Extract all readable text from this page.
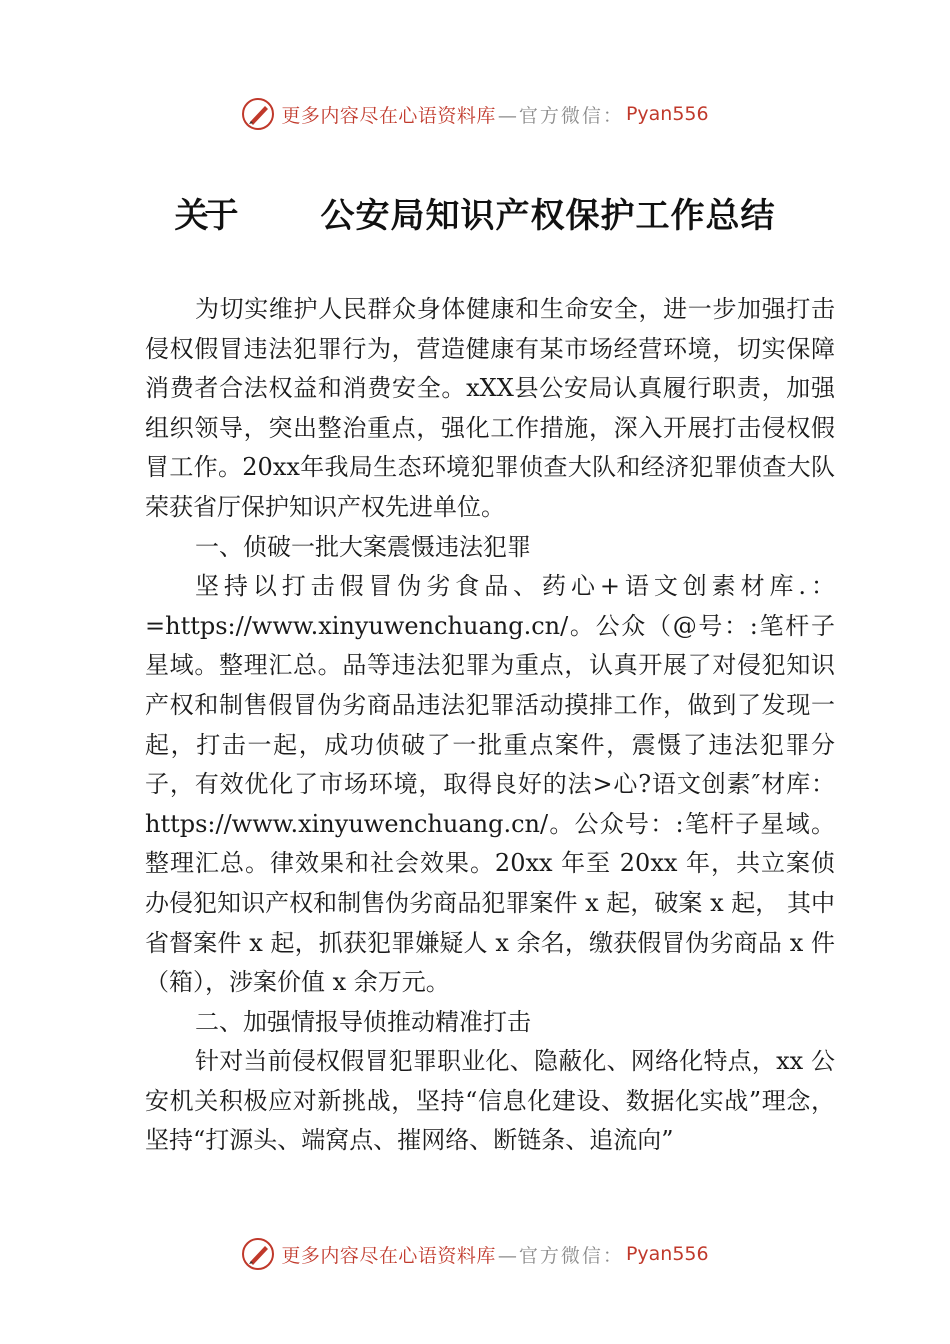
更多内容尽在心语资料库 —官方微信： Pyan556
关于	公安局知识产权保护工作总结

为切实维护人民群众身体健康和生命安全，进一步加强打击侵权假冒违法犯罪行为，营造健康有某市场经营环境，切实保障消费者合法权益和消费安全。xXX县公安局认真履行职责，加强组织领导，突出整治重点，强化工作措施，深入开展打击侵权假冒工作。20xx年我局生态环境犯罪侦查大队和经济犯罪侦查大队荣获省厅保护知识产权先进单位。

一、侦破一批大案震慑违法犯罪

坚持以打击假冒伪劣食品、药心+语文创素材库.：=https://www.xinyuwenchuang.cn/。公众（@号：:笔杆子星域。整理汇总。品等违法犯罪为重点，认真开展了对侵犯知识产权和制售假冒伪劣商品违法犯罪活动摸排工作，做到了发现一起，打击一起，成功侦破了一批重点案件，震慑了违法犯罪分子，有效优化了市场环境，取得良好的法>心?语文创素″材库：https://www.xinyuwenchuang.cn/。公众号：:笔杆子星域。整理汇总。律效果和社会效果。20xx 年至 20xx 年，共立案侦办侵犯知识产权和制售伪劣商品犯罪案件 x 起，破案 x 起， 其中省督案件 x 起，抓获犯罪嫌疑人 x 余名，缴获假冒伪劣商品 x 件（箱），涉案价值 x 余万元。

二、加强情报导侦推动精准打击

针对当前侵权假冒犯罪职业化、隐蔽化、网络化特点，xx 公安机关积极应对新挑战，坚持“信息化建设、数据化实战”理念，坚持“打源头、端窝点、摧网络、断链条、追流向”

更多内容尽在心语资料库 —官方微信： Pyan556
